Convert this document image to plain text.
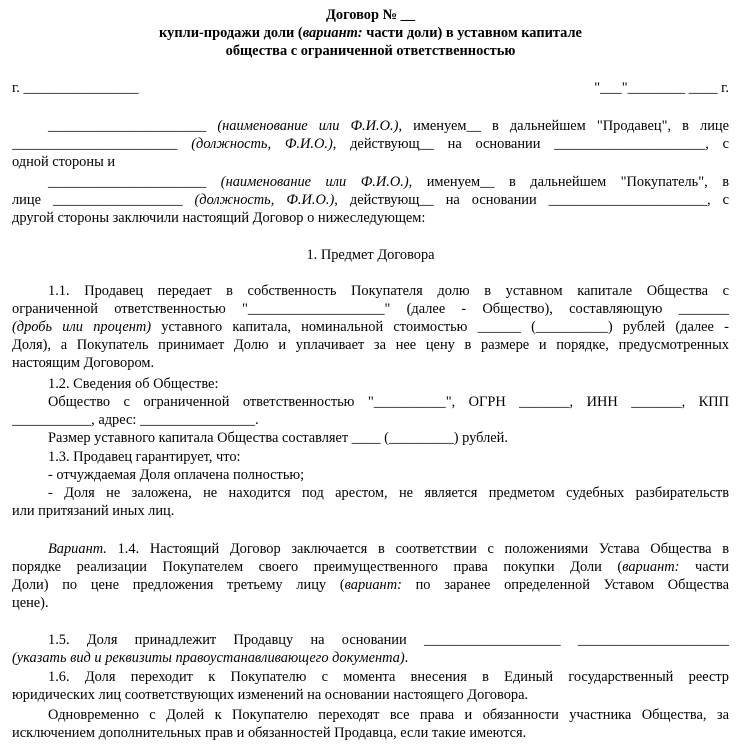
Договор № __
купли-продажи доли (вариант: части доли) в уставном капитале
общества с ограниченной ответственностью
г. ________________	"___"________ ____ г.
______________________ (наименование или Ф.И.О.), именуем__ в дальнейшем "Продавец", в лице
_______________________ (должность, Ф.И.О.), действующ__ на основании _____________________, с
одной стороны и
______________________ (наименование или Ф.И.О.), именуем__ в дальнейшем "Покупатель", в
лице __________________ (должность, Ф.И.О.), действующ__ на основании ______________________, с
другой стороны заключили настоящий Договор о нижеследующем:
1. Предмет Договора
1.1. Продавец передает в собственность Покупателя долю в уставном капитале Общества с
ограниченной ответственностью "___________________" (далее - Общество), составляющую _______
(дробь или процент) уставного капитала, номинальной стоимостью ______ (__________) рублей (далее -
Доля), а Покупатель принимает Долю и уплачивает за нее цену в размере и порядке, предусмотренных
настоящим Договором.
1.2. Сведения об Обществе:
Общество с ограниченной ответственностью "__________", ОГРН _______, ИНН _______, КПП
___________, адрес: ________________.
Размер уставного капитала Общества составляет ____ (_________) рублей.
1.3. Продавец гарантирует, что:
- отчуждаемая Доля оплачена полностью;
- Доля не заложена, не находится под арестом, не является предметом судебных разбирательств
или притязаний иных лиц.
Вариант. 1.4. Настоящий Договор заключается в соответствии с положениями Устава Общества в
порядке реализации Покупателем своего преимущественного права покупки Доли (вариант: части
Доли) по цене предложения третьему лицу (вариант: по заранее определенной Уставом Общества
цене).
1.5. Доля принадлежит Продавцу на основании ___________________ _____________________
(указать вид и реквизиты правоустанавливающего документа).
1.6. Доля переходит к Покупателю с момента внесения в Единый государственный реестр
юридических лиц соответствующих изменений на основании настоящего Договора.
Одновременно с Долей к Покупателю переходят все права и обязанности участника Общества, за
исключением дополнительных прав и обязанностей Продавца, если такие имеются.
